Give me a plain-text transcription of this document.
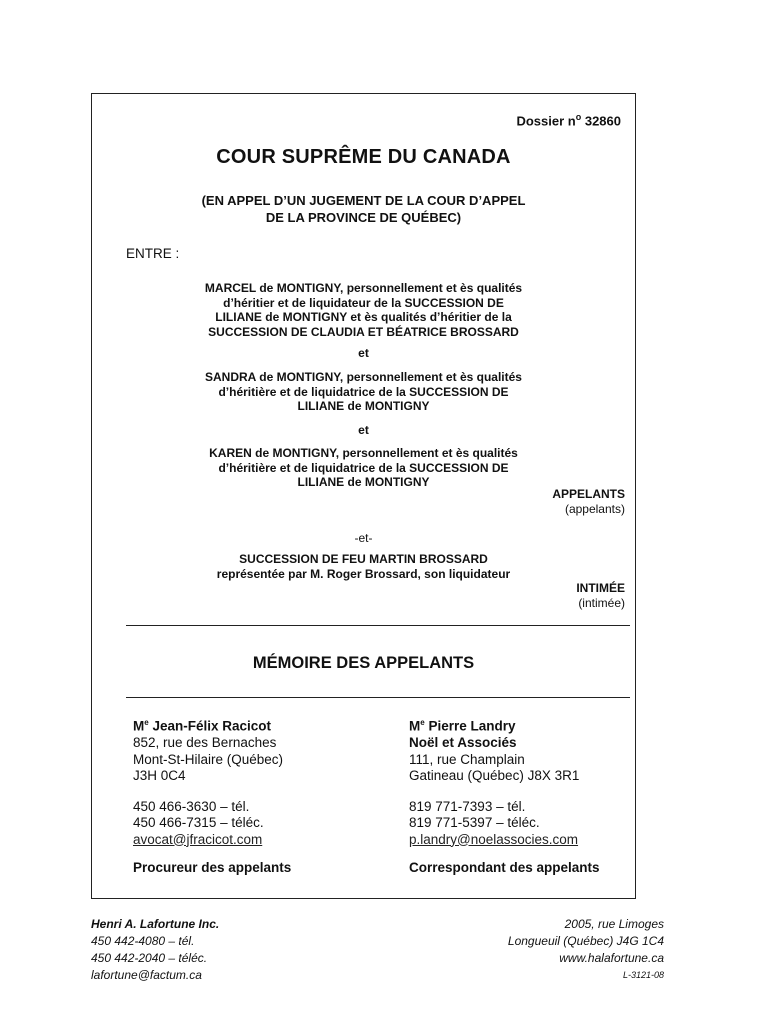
Dossier $n^o$ 32860
COUR SUPRÊME DU CANADA
(EN APPEL D’UN JUGEMENT DE LA COUR D’APPEL
DE LA PROVINCE DE QUÉBEC)
ENTRE :
MARCEL de MONTIGNY, personnellement et ès qualités
d’héritier et de liquidateur de la SUCCESSION DE
LILIANE de MONTIGNY et ès qualités d’héritier de la
SUCCESSION DE CLAUDIA ET BÉATRICE BROSSARD
et
SANDRA de MONTIGNY, personnellement et ès qualités
d’héritière et de liquidatrice de la SUCCESSION DE
LILIANE de MONTIGNY
et
KAREN de MONTIGNY, personnellement et ès qualités
d’héritière et de liquidatrice de la SUCCESSION DE
LILIANE de MONTIGNY
APPELANTS
(appelants)
-et-
SUCCESSION DE FEU MARTIN BROSSARD
représentée par M. Roger Brossard, son liquidateur
INTIMÉE
(intimée)
MÉMOIRE DES APPELANTS
Me Jean-Félix Racicot
852, rue des Bernaches
Mont-St-Hilaire (Québec)
J3H 0C4
450 466-3630 – tél.
450 466-7315 – téléc.
avocat@jfracicot.com
Procureur des appelants
Me Pierre Landry
Noël et Associés
111, rue Champlain
Gatineau (Québec) J8X 3R1
819 771-7393 – tél.
819 771-5397 – téléc.
p.landry@noelassocies.com
Correspondant des appelants
Henri A. Lafortune Inc.
450 442-4080 – tél.
450 442-2040 – téléc.
lafortune@factum.ca
2005, rue Limoges
Longueuil (Québec) J4G 1C4
www.halafortune.ca
L-3121-08
